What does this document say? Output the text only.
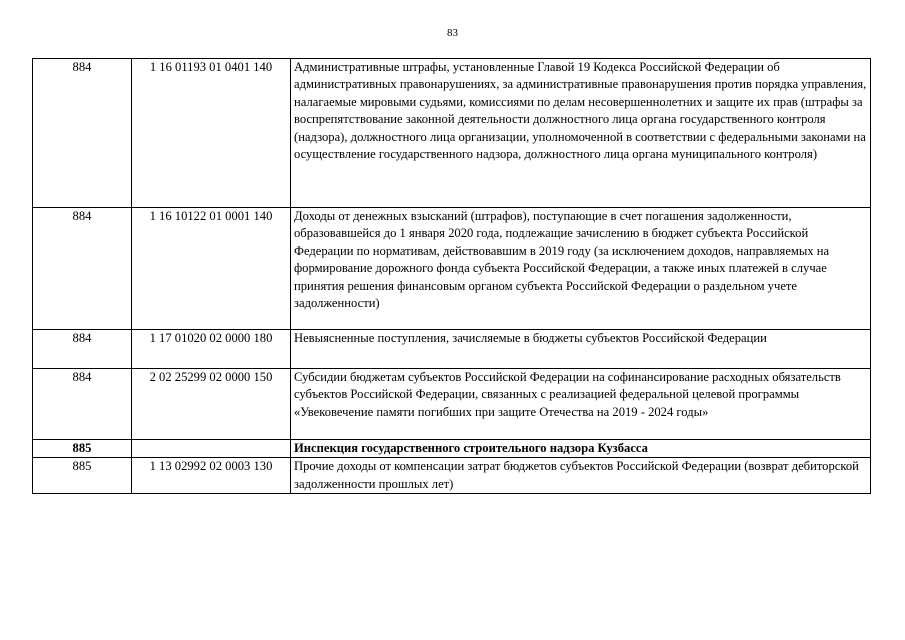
83
884	1 16 01193 01 0401 140	Административные штрафы, установленные Главой 19 Кодекса Российской Федерации об административных правонарушениях, за административные правонарушения против порядка управления, налагаемые мировыми судьями, комиссиями по делам несовершеннолетних и защите их прав (штрафы за воспрепятствование законной деятельности должностного лица органа государственного контроля (надзора), должностного лица организации, уполномоченной в соответствии с федеральными законами на осуществление государственного надзора, должностного лица органа муниципального контроля)
884	1 16 10122 01 0001 140	Доходы от денежных взысканий (штрафов), поступающие в счет погашения задолженности, образовавшейся до 1 января 2020 года, подлежащие зачислению в бюджет субъекта Российской Федерации по нормативам, действовавшим в 2019 году (за исключением доходов, направляемых на формирование дорожного фонда субъекта Российской Федерации, а также иных платежей в случае принятия решения финансовым органом субъекта Российской Федерации о раздельном учете задолженности)
884	1 17 01020 02 0000 180	Невыясненные поступления, зачисляемые в бюджеты субъектов Российской Федерации
884	2 02 25299 02 0000 150	Субсидии бюджетам субъектов Российской Федерации на софинансирование расходных обязательств субъектов Российской Федерации, связанных с реализацией федеральной целевой программы «Увековечение памяти погибших при защите Отечества на 2019 - 2024 годы»
885		Инспекция государственного строительного надзора Кузбасса
885	1 13 02992 02 0003 130	Прочие доходы от компенсации затрат бюджетов субъектов Российской Федерации (возврат дебиторской задолженности прошлых лет)
